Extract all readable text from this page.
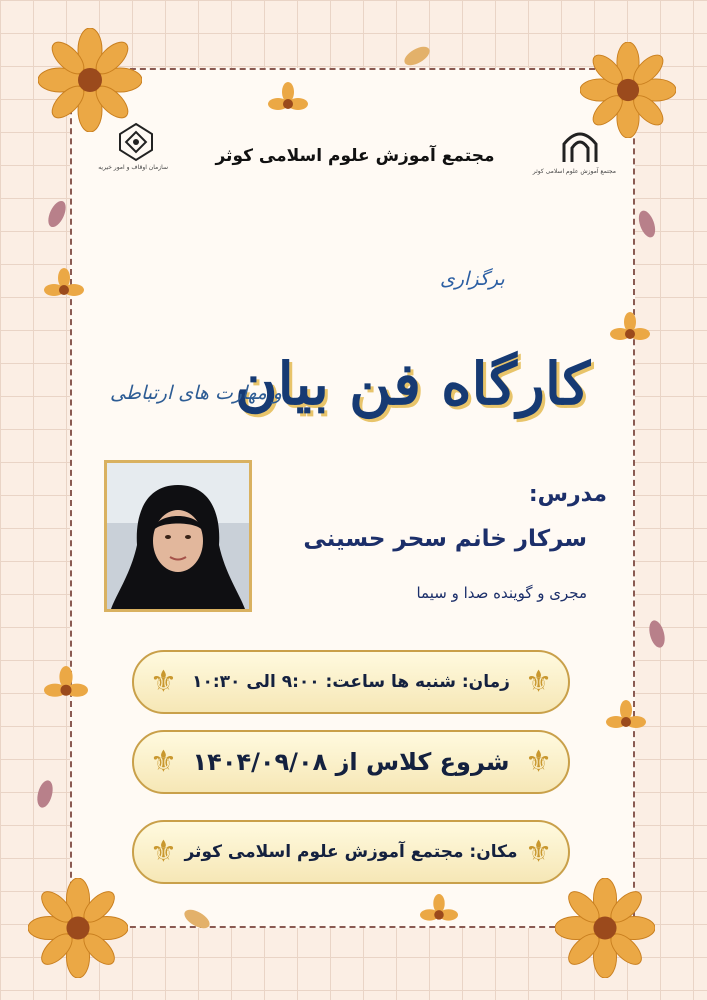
سازمان اوقاف و امور خیریه
مجتمع آموزش علوم اسلامی کوثر
مجتمع آموزش علوم اسلامی کوثر
برگزاری
کارگاه فن بیان
و مهارت های ارتباطی
مدرس:
سرکار خانم سحر حسینی
مجری و گوینده صدا و سیما
⚜
زمان: شنبه ها ساعت: ۹:۰۰ الی ۱۰:۳۰
⚜
⚜
شروع کلاس از ۱۴۰۴/۰۹/۰۸
⚜
⚜
مکان: مجتمع آموزش علوم اسلامی کوثر
⚜
